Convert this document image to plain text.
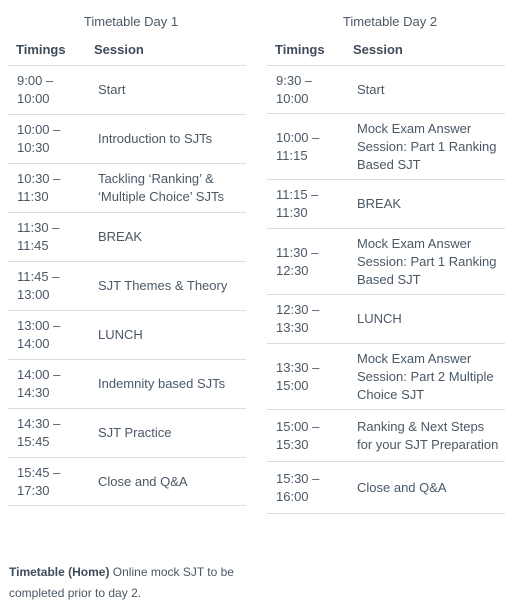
Timetable Day 1
Timings	Session
9:00 – 10:00	Start
10:00 – 10:30	Introduction to SJTs
10:30 – 11:30	Tackling ‘Ranking’ & ‘Multiple Choice’ SJTs
11:30 – 11:45	BREAK
11:45 – 13:00	SJT Themes & Theory
13:00 – 14:00	LUNCH
14:00 – 14:30	Indemnity based SJTs
14:30 – 15:45	SJT Practice
15:45 – 17:30	Close and Q&A
Timetable Day 2
Timings	Session
9:30 – 10:00	Start
10:00 – 11:15	Mock Exam Answer Session: Part 1 Ranking Based SJT
11:15 – 11:30	BREAK
11:30 – 12:30	Mock Exam Answer Session: Part 1 Ranking Based SJT
12:30 – 13:30	LUNCH
13:30 – 15:00	Mock Exam Answer Session: Part 2 Multiple Choice SJT
15:00 – 15:30	Ranking & Next Steps for your SJT Preparation
15:30 – 16:00	Close and Q&A
Timetable (Home) Online mock SJT to be completed prior to day 2.
